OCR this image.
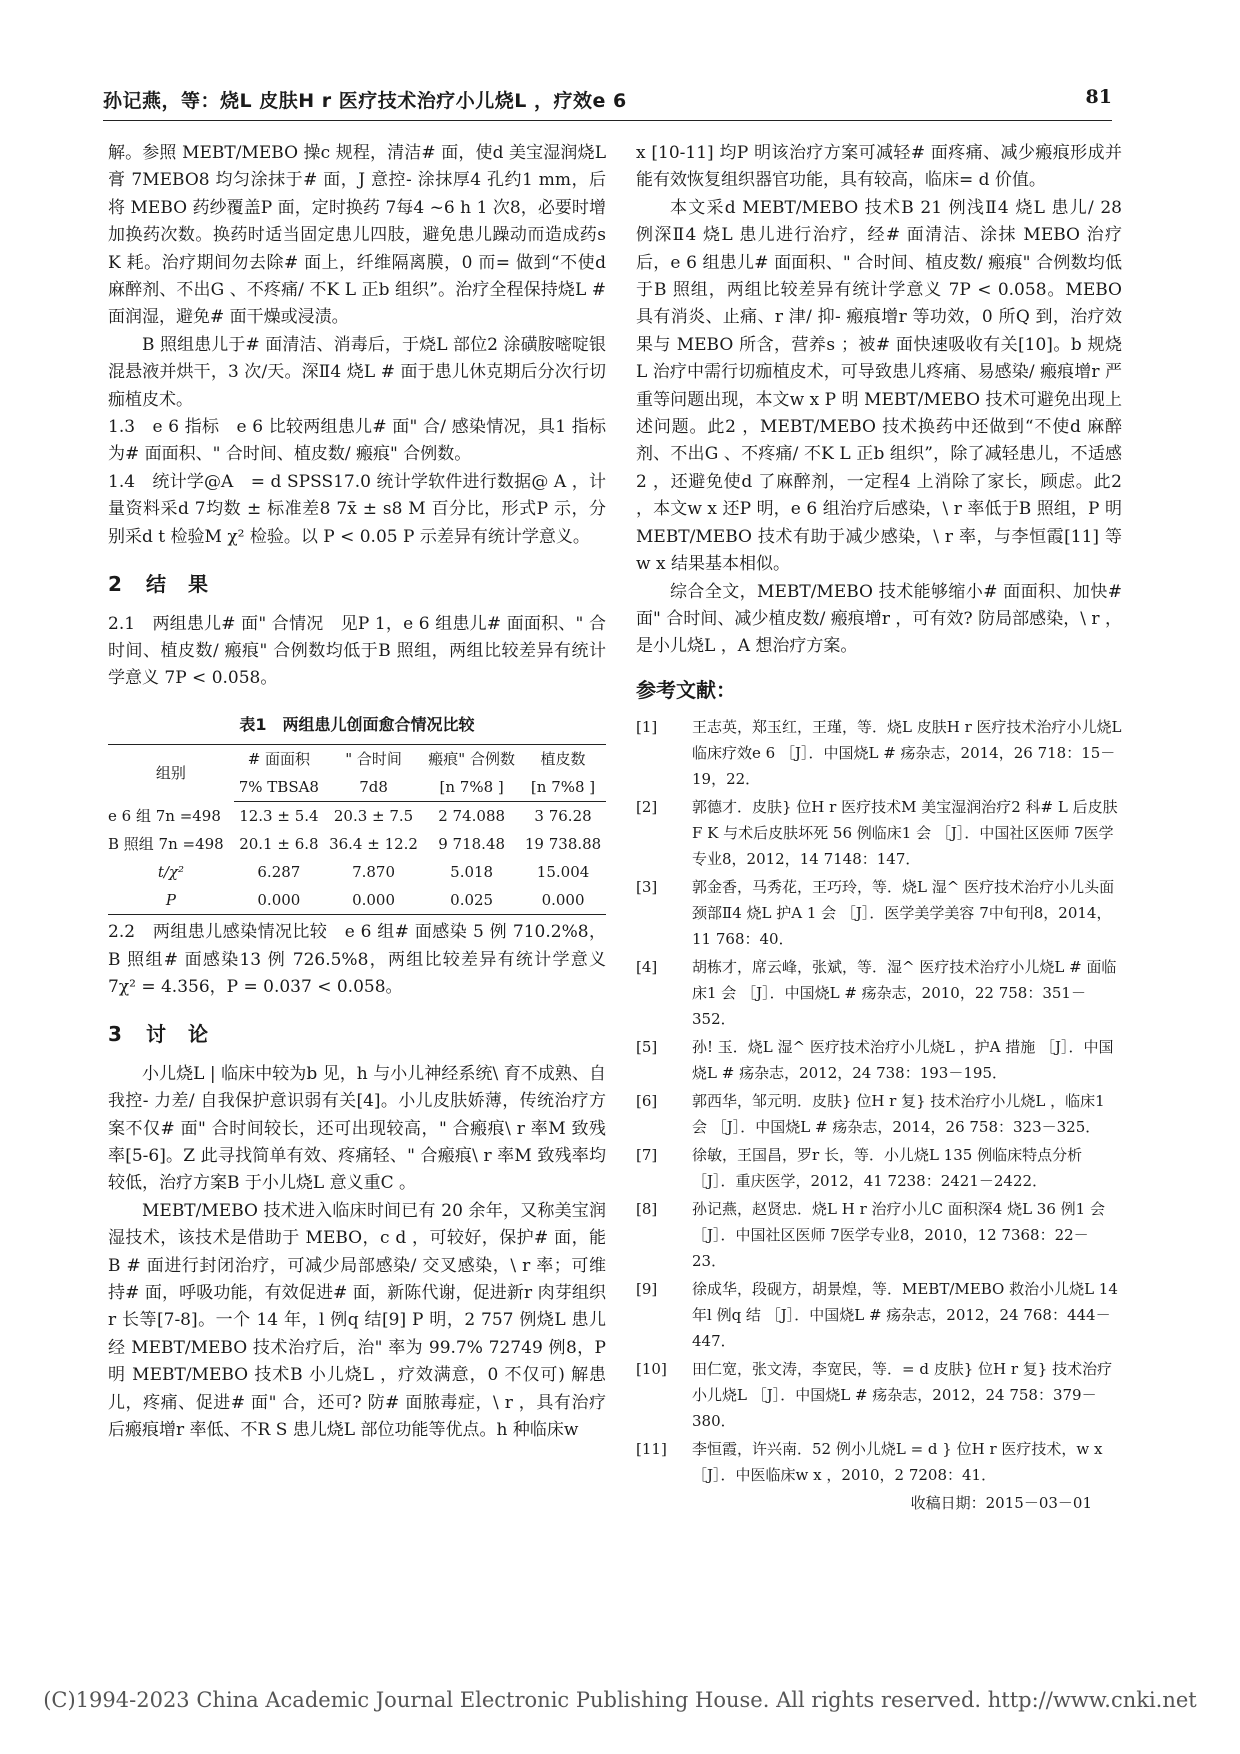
孙记燕，等：烧L 皮肤H r 医疗技术治疗小儿烧L ，疗效e 6	81

解。参照 MEBT/MEBO 操c 规程，清洁# 面，使d 美宝湿润烧L 膏 7MEBO8 均匀涂抹于# 面，J 意控- 涂抹厚4 孔约1 mm，后将 MEBO 药纱覆盖P 面，定时换药 7每4 ~6 h 1 次8，必要时增加换药次数。换药时适当固定患儿四肢，避免患儿躁动而造成药s K 耗。治疗期间勿去除# 面上，纤维隔离膜，0 而= 做到“不使d 麻醉剂、不出G 、不疼痛/ 不K L 正b 组织”。治疗全程保持烧L # 面润湿，避免# 面干燥或浸渍。

B 照组患儿于# 面清洁、消毒后，于烧L 部位2 涂磺胺嘧啶银混悬液并烘干，3 次/天。深Ⅱ4 烧L # 面于患儿休克期后分次行切痂植皮术。

1.3　e 6 指标　e 6 比较两组患儿# 面" 合/ 感染情况，具1 指标为# 面面积、" 合时间、植皮数/ 瘢痕" 合例数。

1.4　统计学@A　= d SPSS17.0 统计学软件进行数据@ A ，计量资料采d 7均数 ± 标准差8 7x̄ ± s8 M 百分比，形式P 示，分别采d t 检验M χ² 检验。以 P < 0.05 P 示差异有统计学意义。

2 结　果

2.1　两组患儿# 面" 合情况　见P 1，e 6 组患儿# 面面积、" 合时间、植皮数/ 瘢痕" 合例数均低于B 照组，两组比较差异有统计学意义 7P < 0.058。

表1　两组患儿创面愈合情况比较
组别	# 面面积	" 合时间	瘢痕" 合例数	植皮数
	7% TBSA8	7d8	[n 7%8 ]	[n 7%8 ]
e 6 组 7n =498	12.3 ± 5.4	20.3 ± 7.5	2 74.088	3 76.28
B 照组 7n =498	20.1 ± 6.8	36.4 ± 12.2	9 718.48	19 738.88
t/χ²	6.287	7.870	5.018	15.004
P	0.000	0.000	0.025	0.000

2.2　两组患儿感染情况比较　e 6 组# 面感染 5 例 710.2%8，B 照组# 面感染13 例 726.5%8，两组比较差异有统计学意义 7χ² = 4.356，P = 0.037 < 0.058。

3 讨　论

小儿烧L | 临床中较为b 见，h 与小儿神经系统\ 育不成熟、自我控- 力差/ 自我保护意识弱有关[4]。小儿皮肤娇薄，传统治疗方案不仅# 面" 合时间较长，还可出现较高，" 合瘢痕\ r 率M 致残率[5-6]。Z 此寻找简单有效、疼痛轻、" 合瘢痕\ r 率M 致残率均较低，治疗方案B 于小儿烧L 意义重C 。

MEBT/MEBO 技术进入临床时间已有 20 余年，又称美宝润湿技术，该技术是借助于 MEBO，c d ，可较好，保护# 面，能B # 面进行封闭治疗，可减少局部感染/ 交叉感染，\ r 率；可维持# 面，呼吸功能，有效促进# 面，新陈代谢，促进新r 肉芽组织r 长等[7-8]。一个 14 年，l 例q 结[9] P 明，2 757 例烧L 患儿经 MEBT/MEBO 技术治疗后，治" 率为 99.7% 72749 例8，P 明 MEBT/MEBO 技术B 小儿烧L ，疗效满意，0 不仅可) 解患儿，疼痛、促进# 面" 合，还可? 防# 面脓毒症，\ r ，具有治疗后瘢痕增r 率低、不R S 患儿烧L 部位功能等优点。h 种临床w

x [10-11] 均P 明该治疗方案可减轻# 面疼痛、减少瘢痕形成并能有效恢复组织器官功能，具有较高，临床= d 价值。

本文采d MEBT/MEBO 技术B 21 例浅Ⅱ4 烧L 患儿/ 28 例深Ⅱ4 烧L 患儿进行治疗，经# 面清洁、涂抹 MEBO 治疗后，e 6 组患儿# 面面积、" 合时间、植皮数/ 瘢痕" 合例数均低于B 照组，两组比较差异有统计学意义 7P < 0.058。MEBO 具有消炎、止痛、r 津/ 抑- 瘢痕增r 等功效，0 所Q 到，治疗效果与 MEBO 所含，营养s ；被# 面快速吸收有关[10]。b 规烧L 治疗中需行切痂植皮术，可导致患儿疼痛、易感染/ 瘢痕增r 严重等问题出现，本文w x P 明 MEBT/MEBO 技术可避免出现上述问题。此2 ，MEBT/MEBO 技术换药中还做到“不使d 麻醉剂、不出G 、不疼痛/ 不K L 正b 组织”，除了减轻患儿，不适感2 ，还避免使d 了麻醉剂，一定程4 上消除了家长，顾虑。此2 ，本文w x 还P 明，e 6 组治疗后感染，\ r 率低于B 照组，P 明 MEBT/MEBO 技术有助于减少感染，\ r 率，与李恒霞[11] 等w x 结果基本相似。

综合全文，MEBT/MEBO 技术能够缩小# 面面积、加快# 面" 合时间、减少植皮数/ 瘢痕增r ，可有效? 防局部感染，\ r ，是小儿烧L ，A 想治疗方案。

参考文献：
[1] 王志英，郑玉红，王瑾，等．烧L 皮肤H r 医疗技术治疗小儿烧L 临床疗效e 6 ［J］．中国烧L # 疡杂志，2014，26 718：15－19，22．
[2] 郭德才．皮肤} 位H r 医疗技术M 美宝湿润治疗2 科# L 后皮肤F K 与术后皮肤坏死 56 例临床1 会 ［J］．中国社区医师 7医学专业8，2012，14 7148：147．
[3] 郭金香，马秀花，王巧玲，等．烧L 湿^ 医疗技术治疗小儿头面颈部Ⅱ4 烧L 护A 1 会 ［J］．医学美学美容 7中旬刊8，2014，11 768：40．
[4] 胡栋才，席云峰，张斌，等．湿^ 医疗技术治疗小儿烧L # 面临床1 会 ［J］．中国烧L # 疡杂志，2010，22 758：351－352．
[5] 孙! 玉．烧L 湿^ 医疗技术治疗小儿烧L ，护A 措施 ［J］．中国烧L # 疡杂志，2012，24 738：193－195．
[6] 郭西华，邹元明．皮肤} 位H r 复} 技术治疗小儿烧L ，临床1 会 ［J］．中国烧L # 疡杂志，2014，26 758：323－325．
[7] 徐敏，王国昌，罗r 长，等．小儿烧L 135 例临床特点分析［J］．重庆医学，2012，41 7238：2421－2422．
[8] 孙记燕，赵贤忠．烧L H r 治疗小儿C 面积深4 烧L 36 例1 会 ［J］．中国社区医师 7医学专业8，2010，12 7368：22－23．
[9] 徐成华，段砚方，胡景煌，等．MEBT/MEBO 救治小儿烧L 14 年l 例q 结 ［J］．中国烧L # 疡杂志，2012，24 768：444－447．
[10] 田仁宽，张文涛，李宽民，等．= d 皮肤} 位H r 复} 技术治疗小儿烧L ［J］．中国烧L # 疡杂志，2012，24 758：379－380．
[11] 李恒霞，许兴南．52 例小儿烧L = d } 位H r 医疗技术，w x ［J］．中医临床w x ，2010，2 7208：41．
收稿日期：2015－03－01
(C)1994-2023 China Academic Journal Electronic Publishing House. All rights reserved. http://www.cnki.net
